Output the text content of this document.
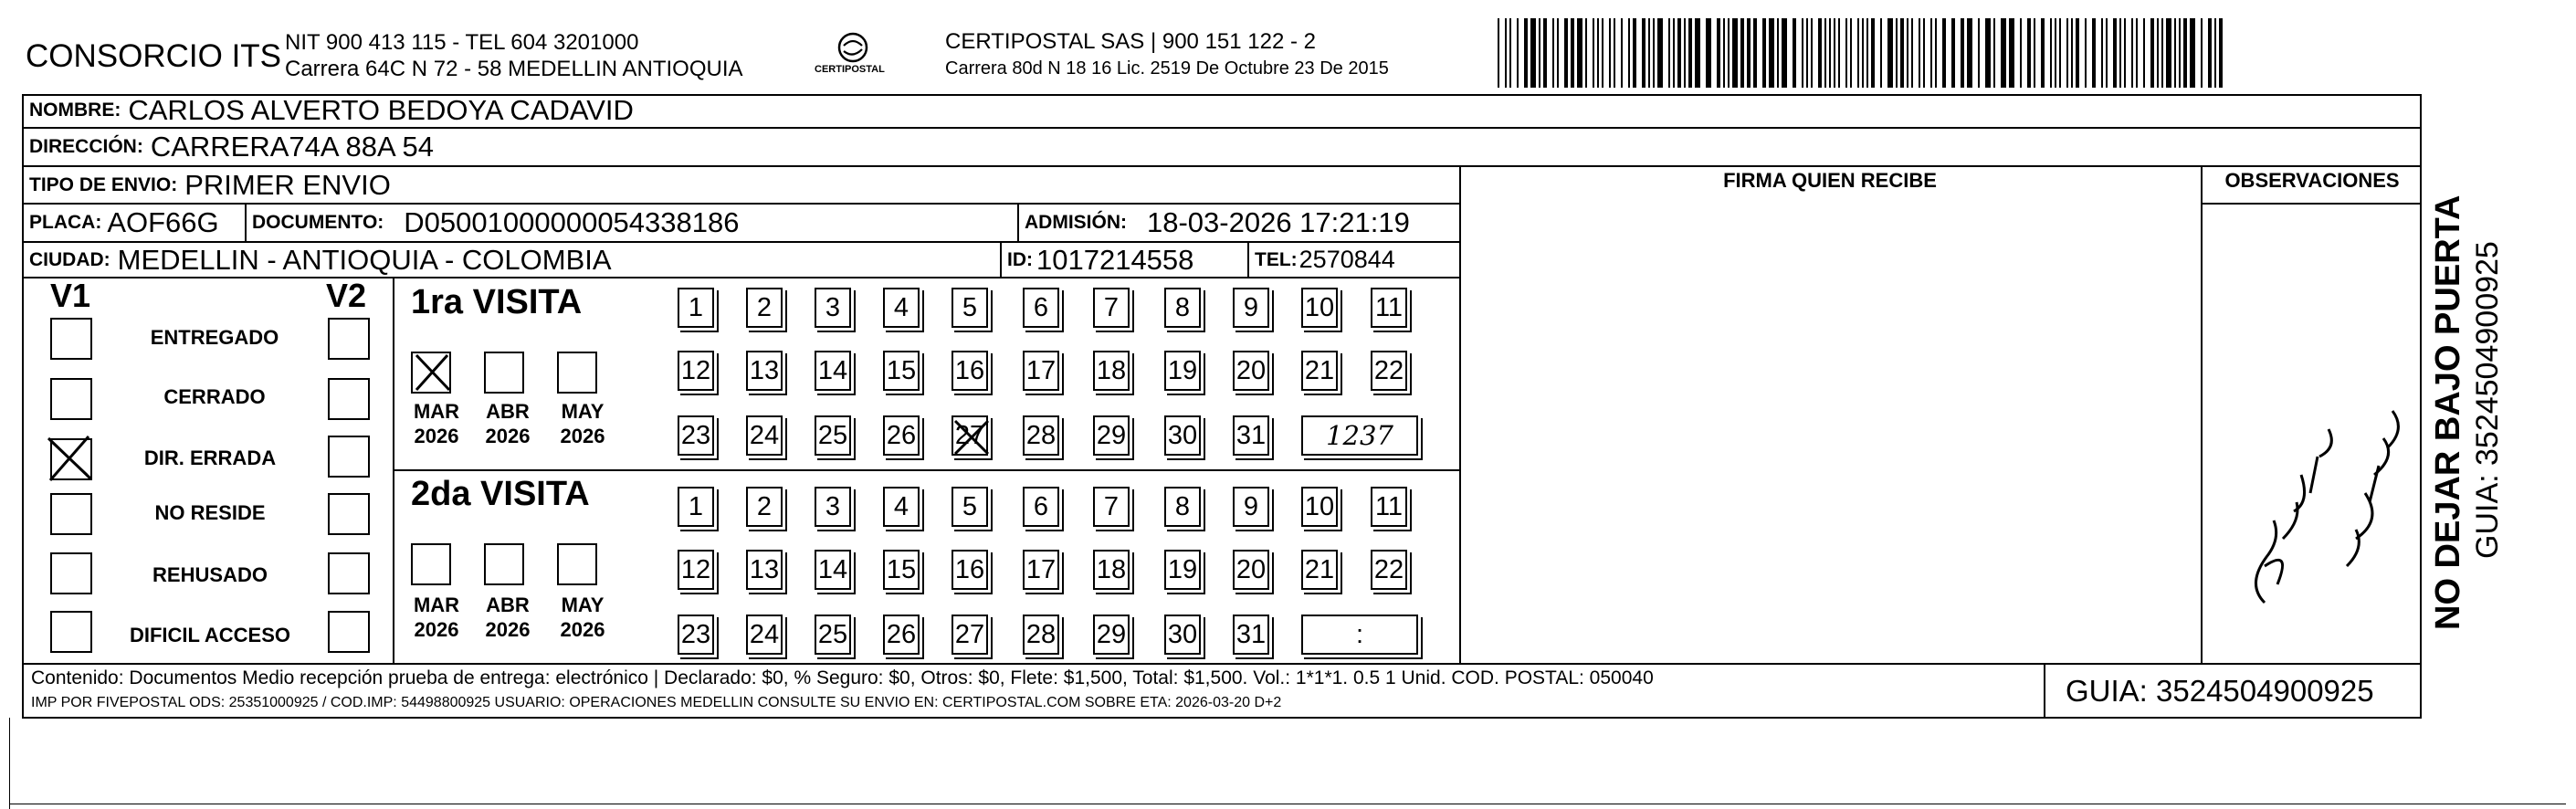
CONSORCIO ITS NIT 900 413 115 - TEL 604 3201000
Carrera 64C N 72 - 58 MEDELLIN ANTIOQUIA	CERTIPOSTAL
CERTIPOSTAL SAS | 900 151 122 - 2
Carrera 80d N 18 16 Lic. 2519 De Octubre 23 De 2015
NOMBRE: CARLOS ALVERTO BEDOYA CADAVID
DIRECCIÓN: CARRERA74A 88A 54
TIPO DE ENVIO: PRIMER ENVIO	FIRMA QUIEN RECIBE	OBSERVACIONES
PLACA: AOF66G DOCUMENTO: D05001000000054338186	ADMISIÓN: 18-03-2026 17:21:19
CIUDAD: MEDELLIN - ANTIOQUIA - COLOMBIA	ID: 1017214558	TEL: 2570844
V1	V2
ENTREGADO
CERRADO
DIR. ERRADA
NO RESIDE
REHUSADO
DIFICIL ACCESO
1ra VISITA
MAR
2026
ABR
2026
MAY
2026
1	2	3	4	5	6	7	8	9	10 11
12 13 14 15 16 17 18 19 20 21 22
23 24 25 26 27 28 29 30 31	1237
2da VISITA
MAR
2026
ABR
2026
MAY
2026
1	2	3	4	5	6	7	8	9	10 11
12 13 14 15 16 17 18 19 20 21 22
23 24 25 26 27 28 29 30 31	:
NO DEJAR BAJO PUERTA GUIA: 3524504900925
Contenido: Documentos Medio recepción prueba de entrega: electrónico | Declarado: $0, % Seguro: $0, Otros: $0, Flete: $1,500, Total: $1,500. Vol.: 1*1*1. 0.5 1 Unid. COD. POSTAL: 050040
IMP POR FIVEPOSTAL ODS: 25351000925 / COD.IMP: 54498800925 USUARIO: OPERACIONES MEDELLIN CONSULTE SU ENVIO EN: CERTIPOSTAL.COM SOBRE ETA: 2026-03-20 D+2	GUIA: 3524504900925
